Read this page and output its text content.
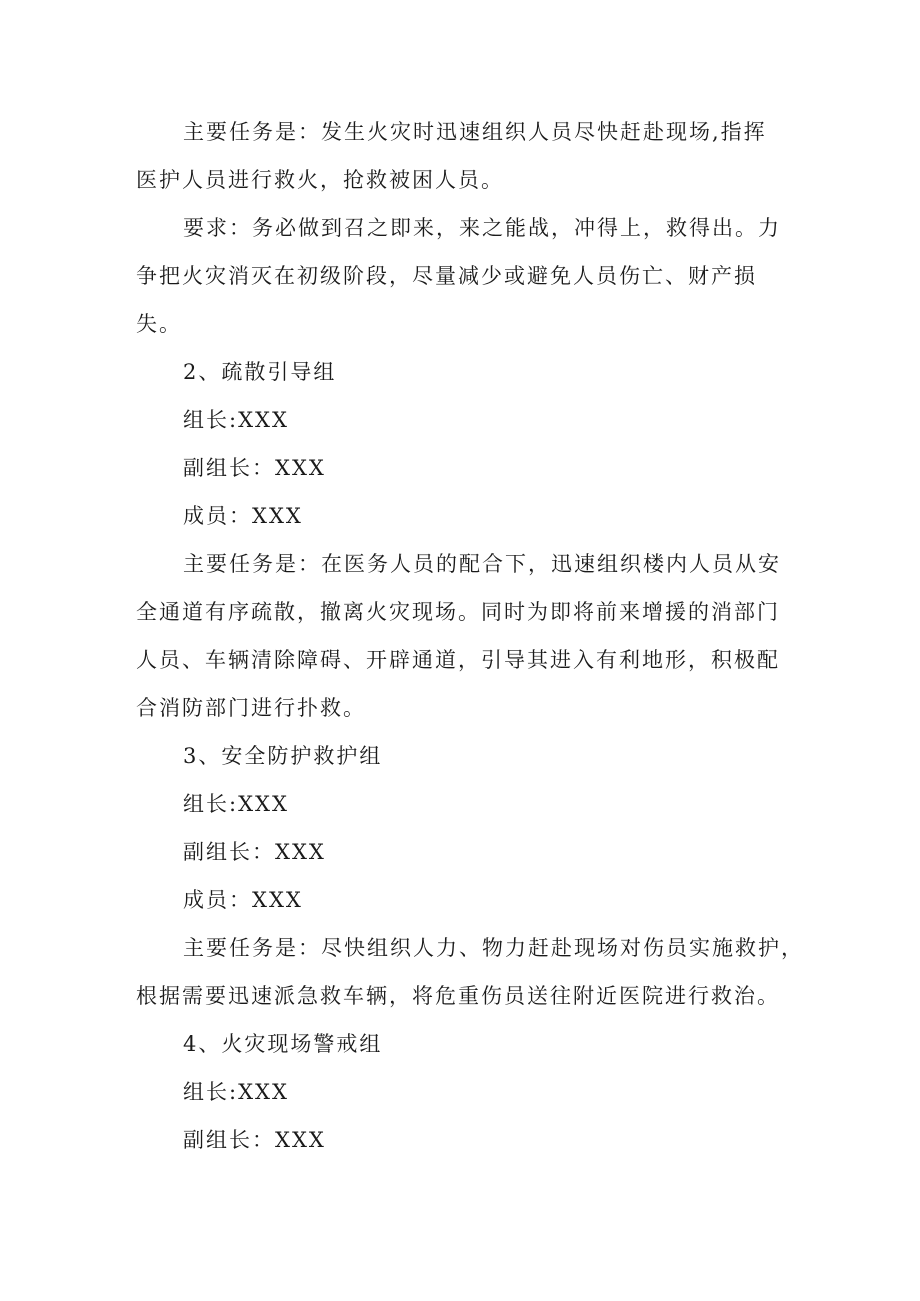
主要任务是：发生火灾时迅速组织人员尽快赶赴现场,指挥
医护人员进行救火，抢救被困人员。
要求：务必做到召之即来，来之能战，冲得上，救得出。力
争把火灾消灭在初级阶段，尽量减少或避免人员伤亡、财产损
失。
2、疏散引导组
组长:XXX
副组长：XXX
成员：XXX
主要任务是：在医务人员的配合下，迅速组织楼内人员从安
全通道有序疏散，撤离火灾现场。同时为即将前来增援的消部门
人员、车辆清除障碍、开辟通道，引导其进入有利地形，积极配
合消防部门进行扑救。
3、安全防护救护组
组长:XXX
副组长：XXX
成员：XXX
主要任务是：尽快组织人力、物力赶赴现场对伤员实施救护，
根据需要迅速派急救车辆，将危重伤员送往附近医院进行救治。
4、火灾现场警戒组
组长:XXX
副组长：XXX
